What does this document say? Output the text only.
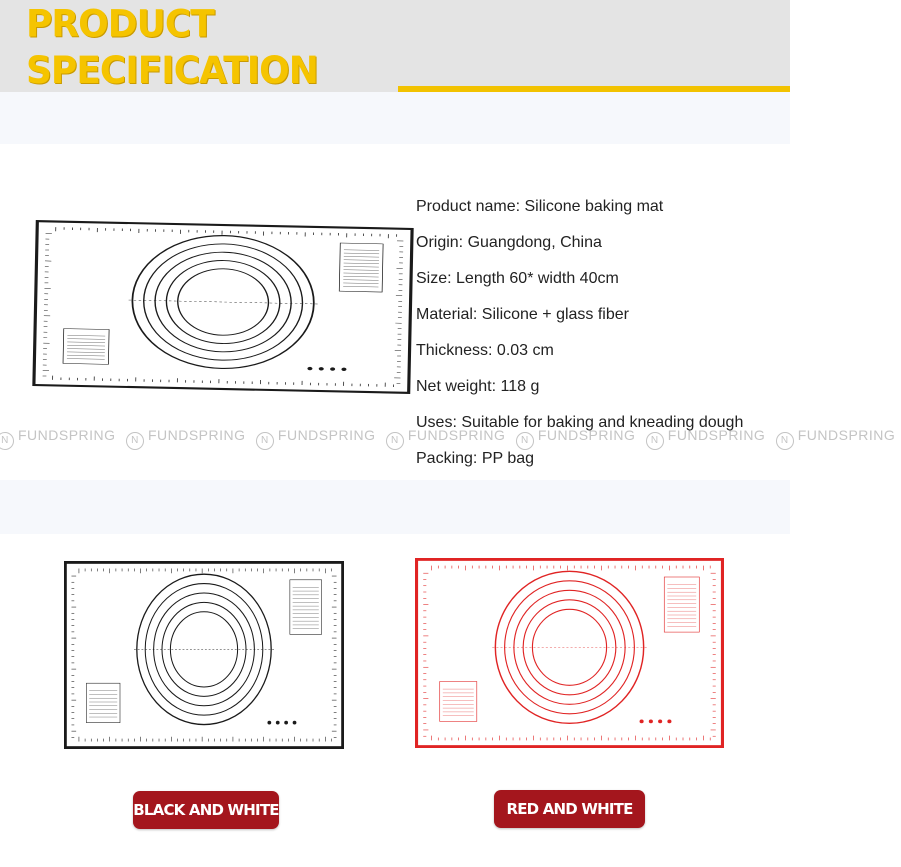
PRODUCT
SPECIFICATION
Product name: Silicone baking mat
Origin: Guangdong, China
Size: Length 60* width 40cm
Material: Silicone + glass fiber
Thickness: 0.03 cm
Net weight: 118 g
Uses: Suitable for baking and kneading dough
Packing: PP bag
N FUNDSPRING N FUNDSPRING N FUNDSPRING N FUNDSPRING N FUNDSPRING N FUNDSPRING N FUNDSPRING
BLACK AND WHITE	RED AND WHITE
